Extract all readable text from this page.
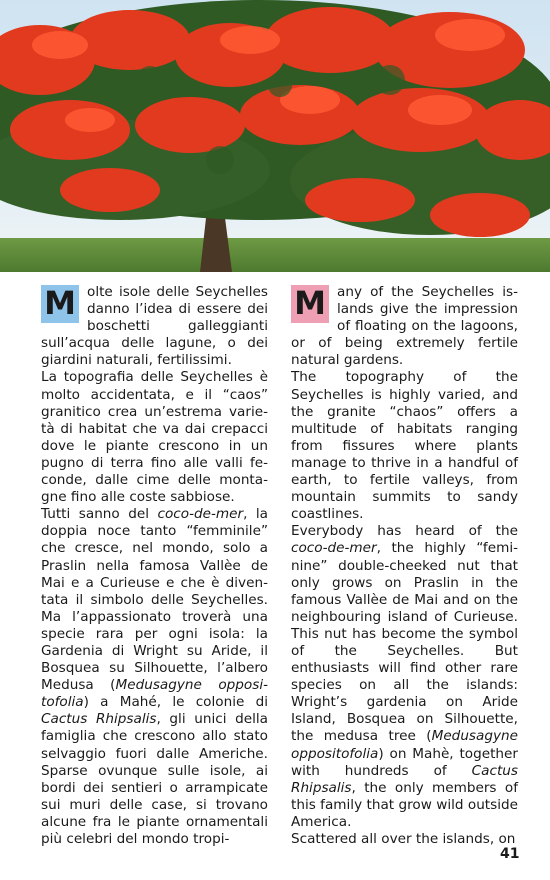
M olte isole delle Seychelles danno l’idea di essere dei boschetti galleggianti sull’acqua delle lagune, o dei giardini naturali, fertilissimi.

La topografia delle Seychelles è molto accidentata, e il “caos” granitico crea un’estrema varietà di habitat che va dai crepacci dove le piante crescono in un pugno di terra fino alle valli feconde, dalle cime delle montagne fino alle coste sabbiose.

Tutti sanno del coco-de-mer, la doppia noce tanto “femminile” che cresce, nel mondo, solo a Praslin nella famosa Vallèe de Mai e a Curieuse e che è diventata il simbolo delle Seychelles. Ma l’appassionato troverà una specie rara per ogni isola: la Gardenia di Wright su Aride, il Bosquea su Silhouette, l’albero Medusa (Medusagyne oppositofolia) a Mahé, le colonie di Cactus Rhipsalis, gli unici della famiglia che crescono allo stato selvaggio fuori dalle Americhe. Sparse ovunque sulle isole, ai bordi dei sentieri o arrampicate sui muri delle case, si trovano alcune fra le piante ornamentali più celebri del mondo tropi-

M any of the Seychelles islands give the impression of floating on the lagoons, or of being extremely fertile natural gardens.

The topography of the Seychelles is highly varied, and the granite “chaos” offers a multitude of habitats ranging from fissures where plants manage to thrive in a handful of earth, to fertile valleys, from mountain summits to sandy coastlines.

Everybody has heard of the coco-de-mer, the highly “feminine” double-cheeked nut that only grows on Praslin in the famous Vallèe de Mai and on the neighbouring island of Curieuse. This nut has become the symbol of the Seychelles. But enthusiasts will find other rare species on all the islands: Wright’s gardenia on Aride Island, Bosquea on Silhouette, the medusa tree (Medusagyne oppositofolia) on Mahè, together with hundreds of Cactus Rhipsalis, the only members of this family that grow wild outside America.

Scattered all over the islands, on

41
